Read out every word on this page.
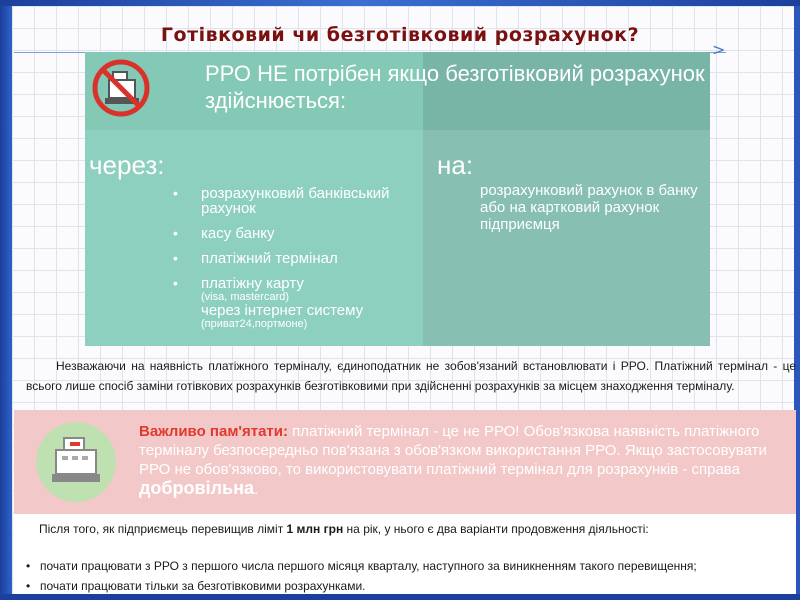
Готівковий чи безготівковий розрахунок?
>
РРО НЕ потрібен якщо безготівковий розрахунок здійснюється:
через:	на:
• розрахунковий банківський рахунок
• касу банку
• платіжний термінал
• платіжну карту
(visa, mastercard)
через інтернет систему
(приват24,портмоне)
розрахунковий рахунок в банку або на картковий рахунок підприємця
Незважаючи на наявність платіжного терміналу, єдиноподатник не зобов'язаний встановлювати і РРО. Платіжний термінал - це всього лише спосіб заміни готівкових розрахунків безготівковими при здійсненні розрахунків за місцем знаходження терміналу.
Важливо пам'ятати: платіжний термінал - це не РРО! Обов'язкова наявність платіжного терміналу безпосередньо пов'язана з обов'язком використання РРО. Якщо застосовувати РРО не обов'язково, то використовувати платіжний термінал для розрахунків - справа добровільна.
Після того, як підприємець перевищив ліміт 1 млн грн на рік, у нього є два варіанти продовження діяльності:
• почати працювати з РРО з першого числа першого місяця кварталу, наступного за виникненням такого перевищення;
• почати працювати тільки за безготівковими розрахунками.
